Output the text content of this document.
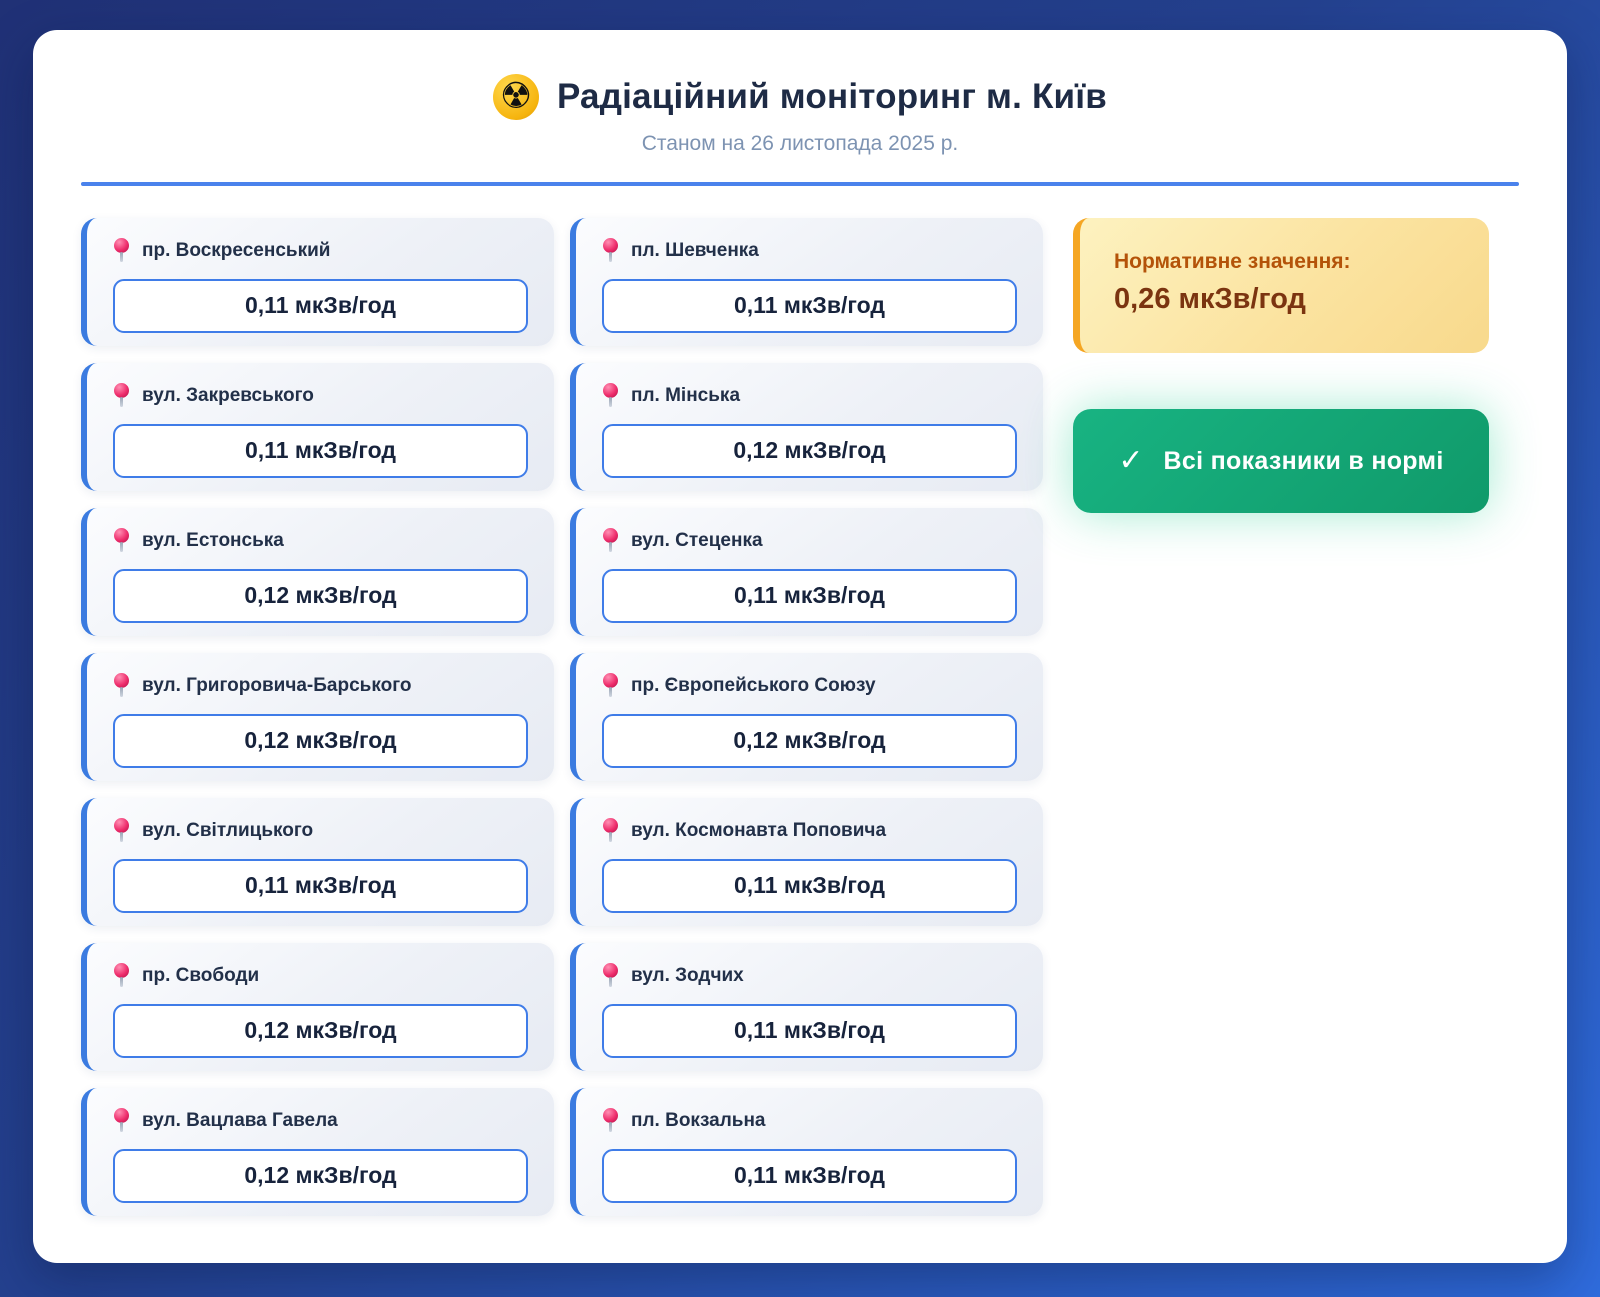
☢ Радіаційний моніторинг м. Київ
Станом на 26 листопада 2025 р.
пр. Воскресенський
0,11 мкЗв/год
пл. Шевченка
0,11 мкЗв/год
вул. Закревського
0,11 мкЗв/год
пл. Мінська
0,12 мкЗв/год
вул. Естонська
0,12 мкЗв/год
вул. Стеценка
0,11 мкЗв/год
вул. Григоровича-Барського
0,12 мкЗв/год
пр. Європейського Союзу
0,12 мкЗв/год
вул. Світлицького
0,11 мкЗв/год
вул. Космонавта Поповича
0,11 мкЗв/год
пр. Свободи
0,12 мкЗв/год
вул. Зодчих
0,11 мкЗв/год
вул. Вацлава Гавела
0,12 мкЗв/год
пл. Вокзальна
0,11 мкЗв/год
Нормативне значення:
0,26 мкЗв/год
✓ Всі показники в нормі
